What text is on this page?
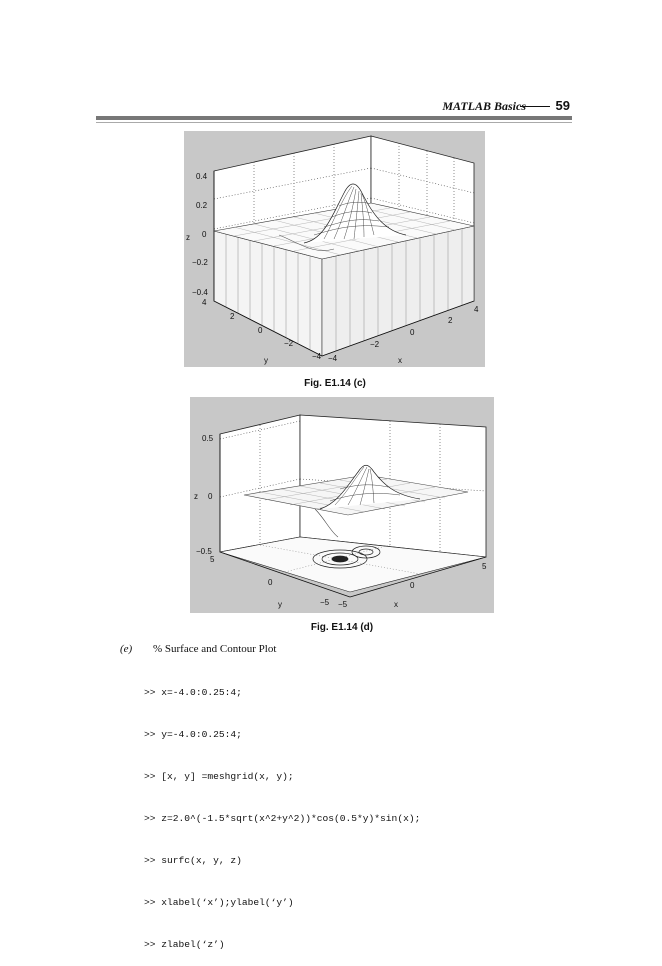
MATLAB Basics 59
0.4
0.2
0
−0.2
−0.4
z
4
2
0
−2
−4
y	−4
−2
0
2
4
x
Fig. E1.14 (c)
0.5
0
−0.5
z
5
0
−5
y	−5
0
5
x
Fig. E1.14 (d)
(e) % Surface and Contour Plot

>> x=-4.0:0.25:4;

>> y=-4.0:0.25:4;

>> [x, y] =meshgrid(x, y);

>> z=2.0^(-1.5*sqrt(x^2+y^2))*cos(0.5*y)*sin(x);

>> surfc(x, y, z)

>> xlabel(‘x’);ylabel(‘y’)

>> zlabel(‘z’)
